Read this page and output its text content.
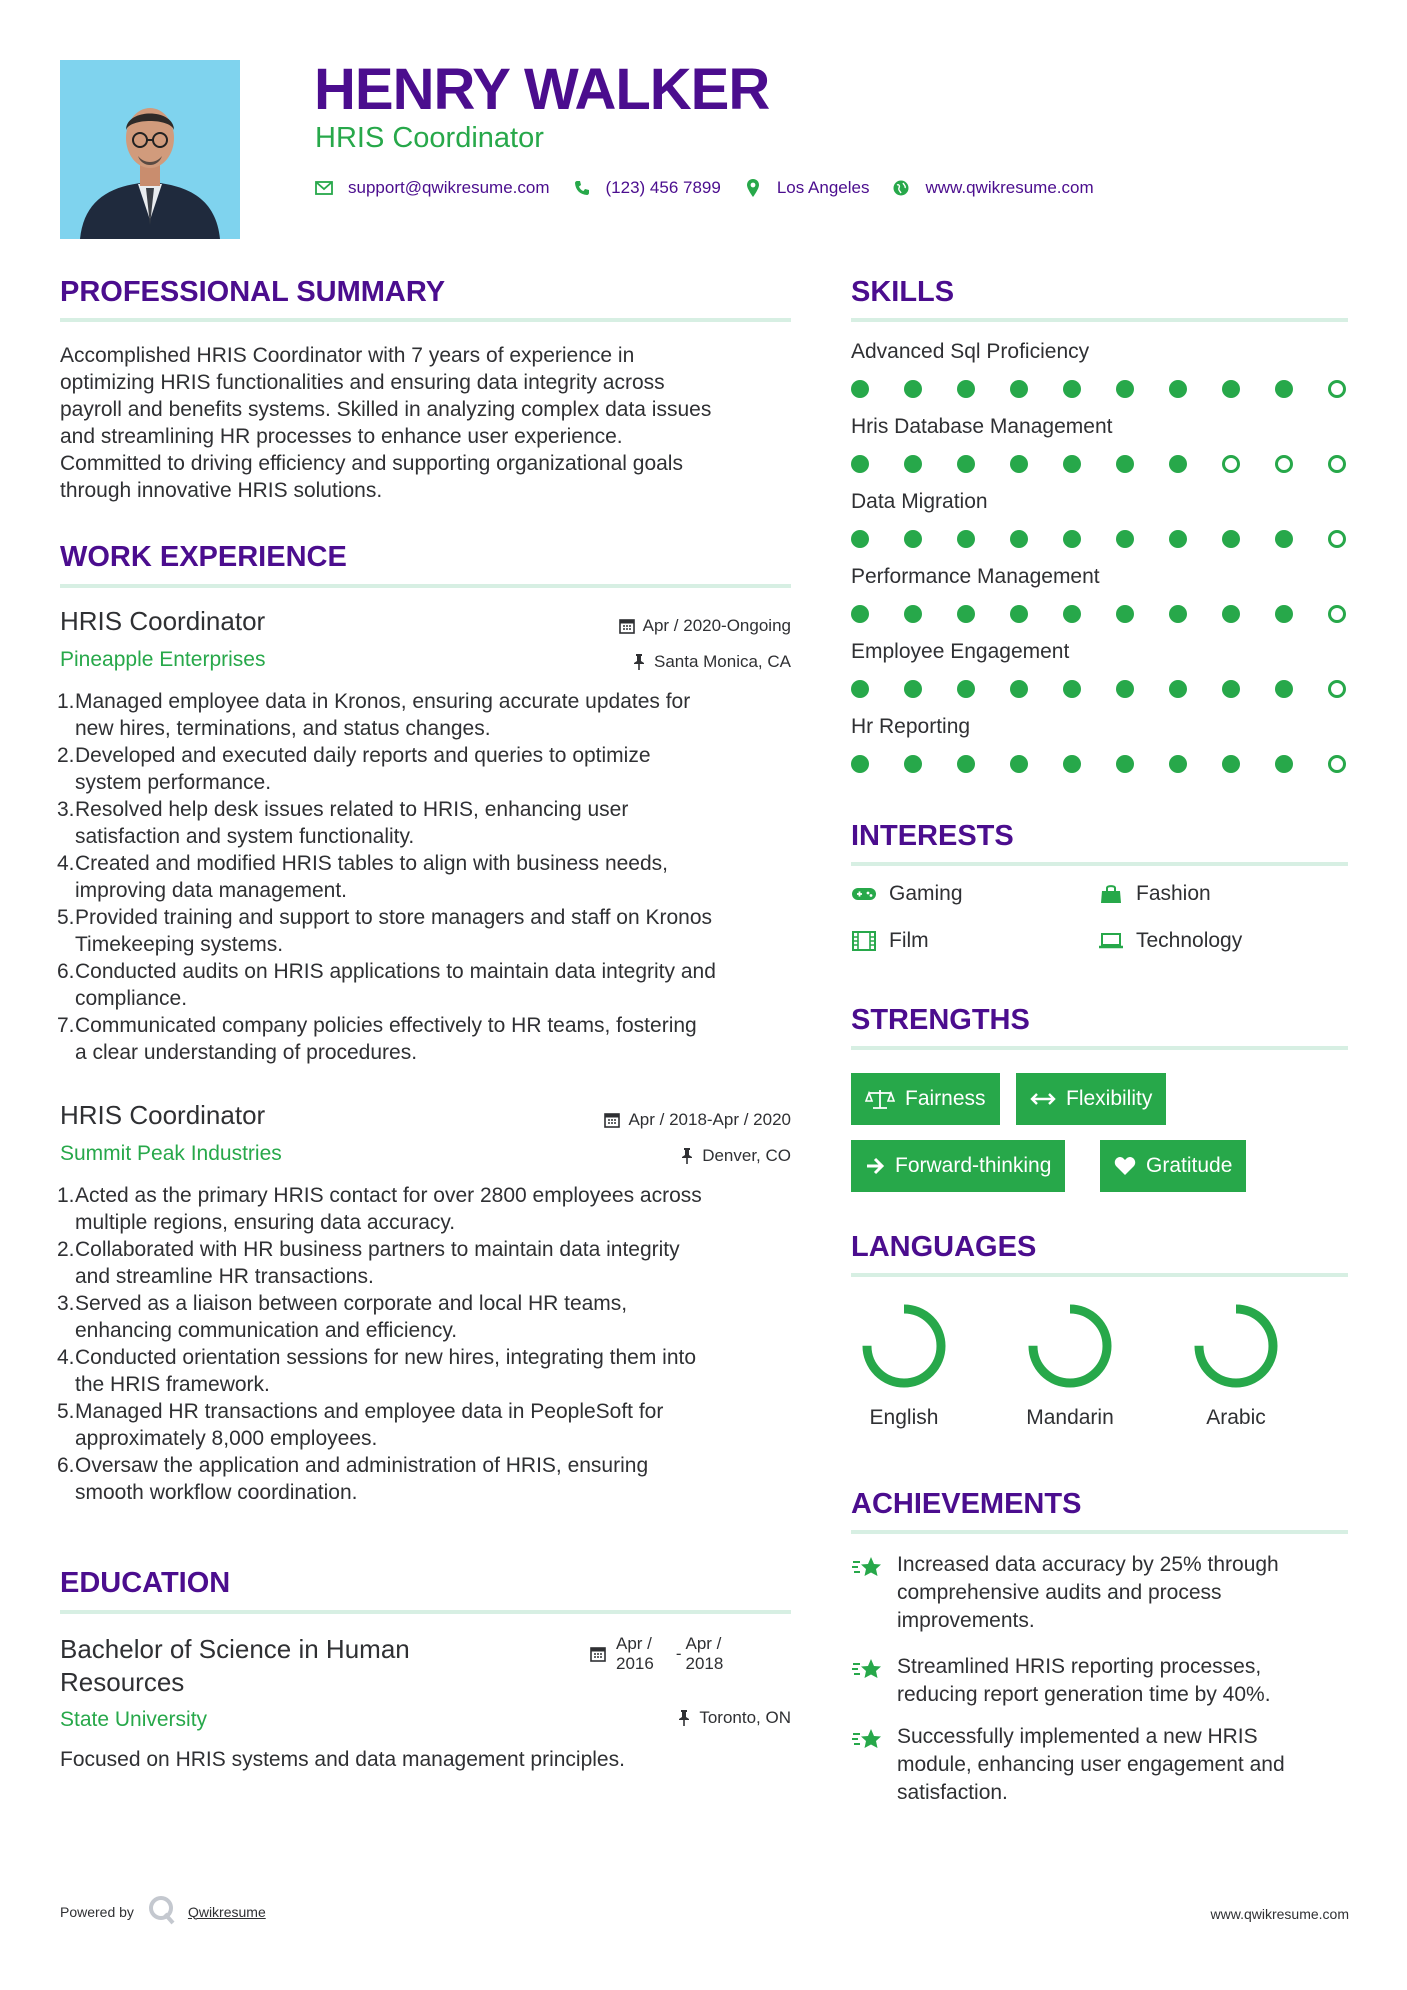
HENRY WALKER
HRIS Coordinator
support@qwikresume.com	(123) 456 7899	Los Angeles	www.qwikresume.com
PROFESSIONAL SUMMARY
Accomplished HRIS Coordinator with 7 years of experience in
optimizing HRIS functionalities and ensuring data integrity across
payroll and benefits systems. Skilled in analyzing complex data issues
and streamlining HR processes to enhance user experience.
Committed to driving efficiency and supporting organizational goals
through innovative HRIS solutions.
WORK EXPERIENCE
HRIS Coordinator
Pineapple Enterprises
Apr / 2020-Ongoing
Santa Monica, CA
1. Managed employee data in Kronos, ensuring accurate updates for
new hires, terminations, and status changes.
2. Developed and executed daily reports and queries to optimize
system performance.
3. Resolved help desk issues related to HRIS, enhancing user
satisfaction and system functionality.
4. Created and modified HRIS tables to align with business needs,
improving data management.
5. Provided training and support to store managers and staff on Kronos
Timekeeping systems.
6. Conducted audits on HRIS applications to maintain data integrity and
compliance.
7. Communicated company policies effectively to HR teams, fostering
a clear understanding of procedures.
HRIS Coordinator
Summit Peak Industries
Apr / 2018-Apr / 2020
Denver, CO
1. Acted as the primary HRIS contact for over 2800 employees across
multiple regions, ensuring data accuracy.
2. Collaborated with HR business partners to maintain data integrity
and streamline HR transactions.
3. Served as a liaison between corporate and local HR teams,
enhancing communication and efficiency.
4. Conducted orientation sessions for new hires, integrating them into
the HRIS framework.
5. Managed HR transactions and employee data in PeopleSoft for
approximately 8,000 employees.
6. Oversaw the application and administration of HRIS, ensuring
smooth workflow coordination.
EDUCATION
Bachelor of Science in Human
Resources
State University
Apr /
2016
-
Apr /
2018
Toronto, ON
Focused on HRIS systems and data management principles.
SKILLS
Advanced Sql Proficiency
Hris Database Management
Data Migration
Performance Management
Employee Engagement
Hr Reporting
INTERESTS
Gaming	Fashion
Film	Technology
STRENGTHS
Fairness	Flexibility
Forward-thinking	Gratitude
LANGUAGES
English	Mandarin	Arabic
ACHIEVEMENTS
Increased data accuracy by 25% through
comprehensive audits and process
improvements.
Streamlined HRIS reporting processes,
reducing report generation time by 40%.
Successfully implemented a new HRIS
module, enhancing user engagement and
satisfaction.
Powered by	Qwikresume	www.qwikresume.com
